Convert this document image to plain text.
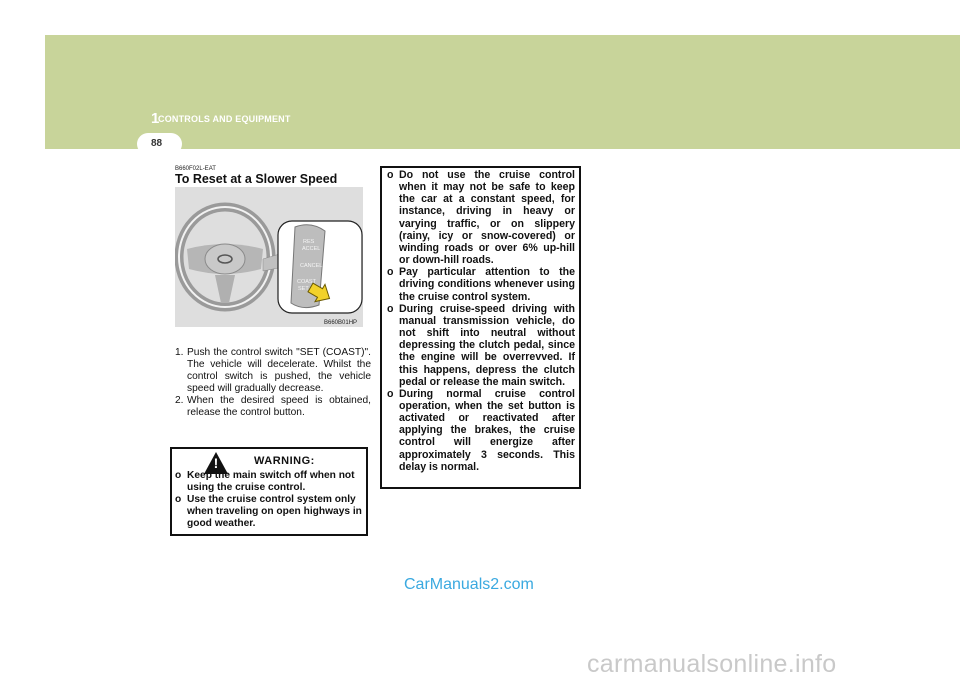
1
CONTROLS AND EQUIPMENT
88
B660F02L-EAT
To Reset at a Slower Speed
RES
ACCEL
CANCEL
COAST
SET
B660B01HP

1. Push the control switch "SET (COAST)". The vehicle will decelerate. Whilst the control switch is pushed, the vehicle speed will gradually decrease.

2. When the desired speed is obtained, release the control button.

!	WARNING:

o Keep the main switch off when not using the cruise control.

o Use the cruise control system only when traveling on open highways in good weather.

o Do not use the cruise control when it may not be safe to keep the car at a constant speed, for instance, driving in heavy or varying traffic, or on slippery (rainy, icy or snow-covered) or winding roads or over 6% up-hill or down-hill roads.

o Pay particular attention to the driving conditions whenever using the cruise control system.

o During cruise-speed driving with manual transmission vehicle, do not shift into neutral without depressing the clutch pedal, since the engine will be overrevved. If this happens, depress the clutch pedal or release the main switch.

o During normal cruise control operation, when the set button is activated or reactivated after applying the brakes, the cruise control will energize after approximately 3 seconds. This delay is normal.

CarManuals2.com
carmanualsonline.info
